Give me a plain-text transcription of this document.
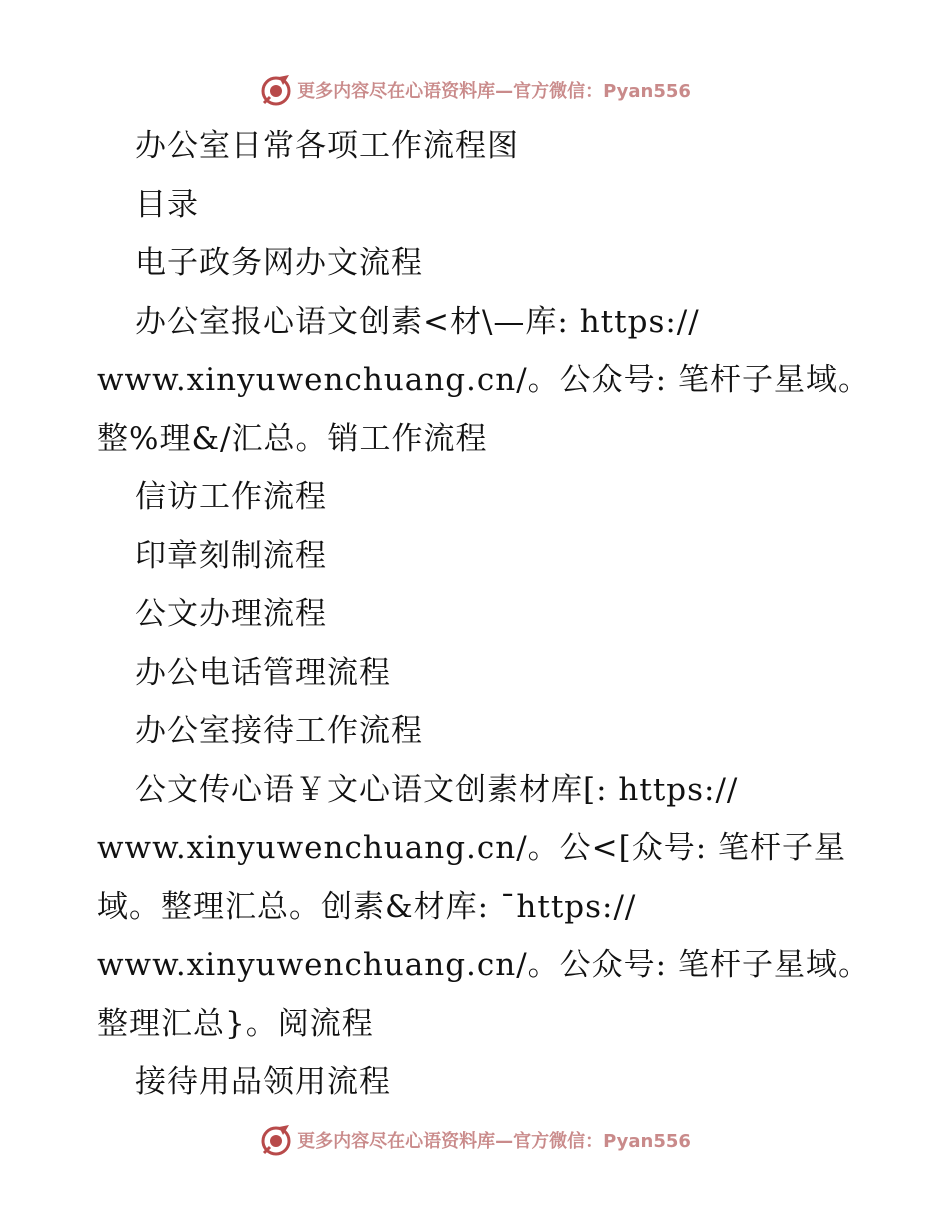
更多内容尽在心语资料库—官方微信：Pyan556
办公室日常各项工作流程图
目录
电子政务网办文流程
办公室报心语文创素<材\—库: https://
www.xinyuwenchuang.cn/。公众号: 笔杆子星域。
整%理&/汇总。销工作流程
信访工作流程
印章刻制流程
公文办理流程
办公电话管理流程
办公室接待工作流程
公文传心语￥文心语文创素材库[: https://
www.xinyuwenchuang.cn/。公<[众号: 笔杆子星
域。整理汇总。创素&材库: ¯https://
www.xinyuwenchuang.cn/。公众号: 笔杆子星域。
整理汇总}。阅流程
接待用品领用流程
更多内容尽在心语资料库—官方微信：Pyan556
